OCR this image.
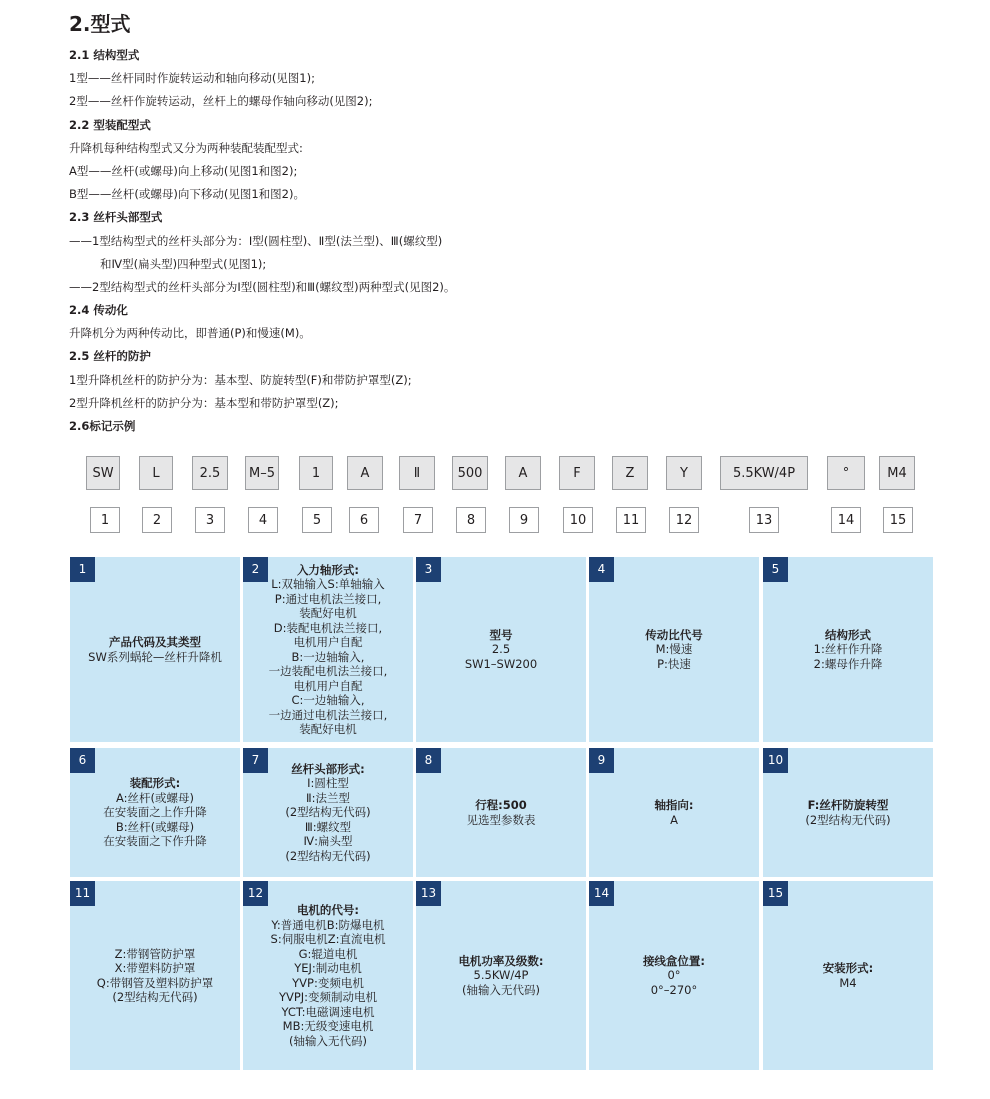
2.型式
2.1 结构型式
1型——丝杆同时作旋转运动和轴向移动(见图1);
2型——丝杆作旋转运动，丝杆上的螺母作轴向移动(见图2);
2.2 型装配型式
升降机每种结构型式又分为两种装配装配型式:
A型——丝杆(或螺母)向上移动(见图1和图2);
B型——丝杆(或螺母)向下移动(见图1和图2)。
2.3 丝杆头部型式
——1型结构型式的丝杆头部分为：Ⅰ型(圆柱型)、Ⅱ型(法兰型)、Ⅲ(螺纹型)
和Ⅳ型(扁头型)四种型式(见图1);
——2型结构型式的丝杆头部分为Ⅰ型(圆柱型)和Ⅲ(螺纹型)两种型式(见图2)。
2.4 传动化
升降机分为两种传动比，即普通(P)和慢速(M)。
2.5 丝杆的防护
1型升降机丝杆的防护分为：基本型、防旋转型(F)和带防护罩型(Z);
2型升降机丝杆的防护分为：基本型和带防护罩型(Z);
2.6标记示例
SW	L	2.5	M–5	1	A	Ⅱ	500	A	F	Z	Y	5.5KW/4P	°	M4
1	2	3	4	5	6	7	8	9	10	11	12	13	14	15
产品代码及其类型
SW系列蜗轮—丝杆升降机
1	入力轴形式:
L:双轴输入S:单轴输入
P:通过电机法兰接口,
装配好电机
D:装配电机法兰接口,
电机用户自配
B:一边轴输入,
一边装配电机法兰接口,
电机用户自配
C:一边轴输入,
一边通过电机法兰接口,
装配好电机
2
型号
2.5
SW1–SW200
3
传动比代号
M:慢速
P:快速
4
结构形式
1:丝杆作升降
2:螺母作升降
5
装配形式:
A:丝杆(或螺母)
在安装面之上作升降
B:丝杆(或螺母)
在安装面之下作升降
6
丝杆头部形式:
Ⅰ:圆柱型
Ⅱ:法兰型
(2型结构无代码)
Ⅲ:螺纹型
Ⅳ:扁头型
(2型结构无代码)
7
行程:500
见选型参数表
8
轴指向:
A
9
F:丝杆防旋转型
(2型结构无代码)
10
Z:带钢管防护罩
X:带塑料防护罩
Q:带钢管及塑料防护罩
(2型结构无代码)
11
电机的代号:
Y:普通电机B:防爆电机
S:伺服电机Z:直流电机
G:辊道电机
YEJ:制动电机
YVP:变频电机
YVPJ:变频制动电机
YCT:电磁调速电机
MB:无级变速电机
(轴输入无代码)
12
电机功率及级数:
5.5KW/4P
(轴输入无代码)
13
接线盒位置:
0°
0°–270°
14
安装形式:
M4
15
